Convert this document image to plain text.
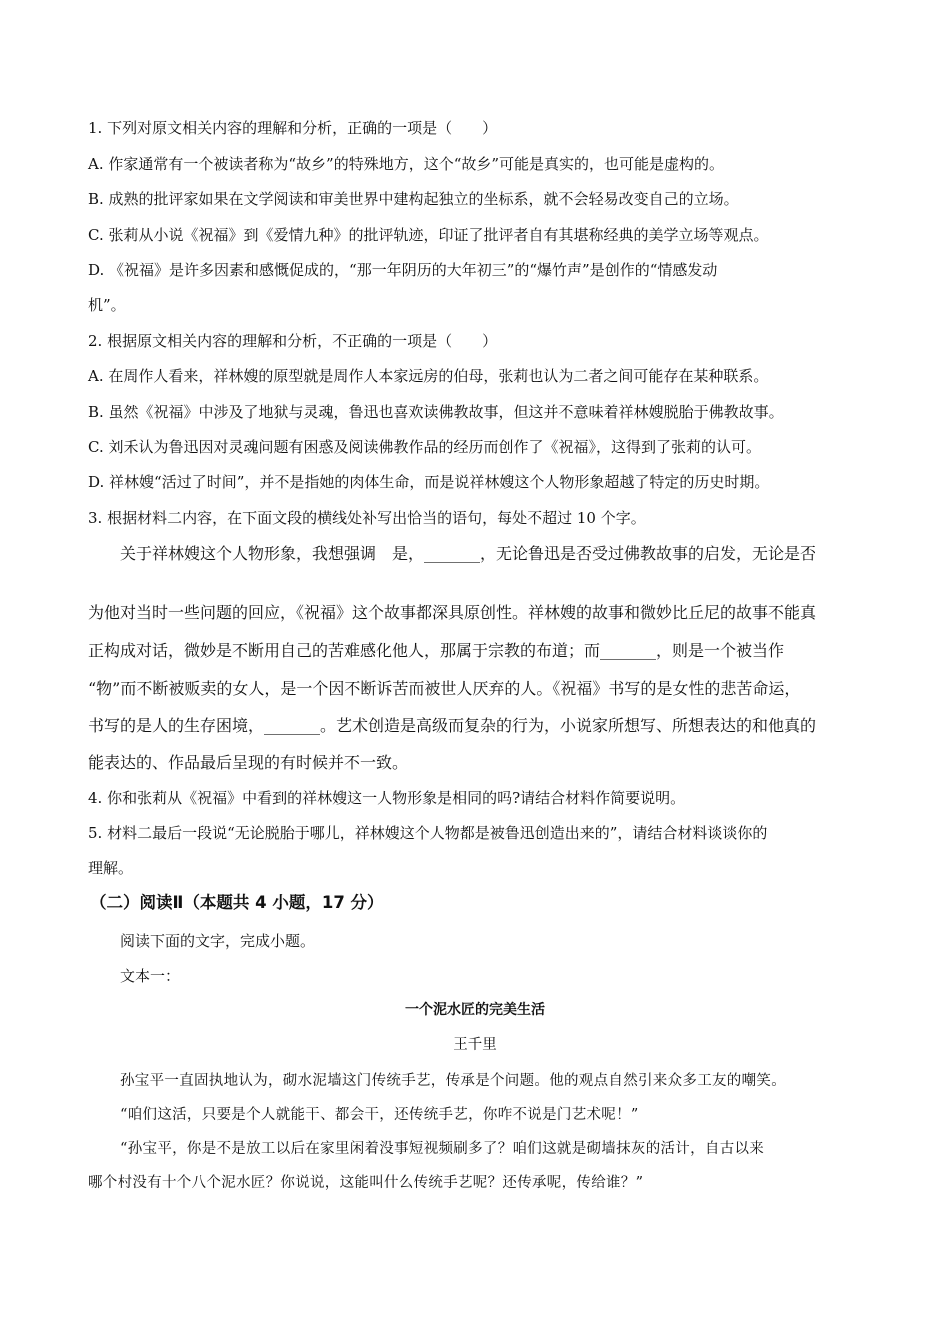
1. 下列对原文相关内容的理解和分析，正确的一项是（　　）
A. 作家通常有一个被读者称为“故乡”的特殊地方，这个“故乡”可能是真实的，也可能是虚构的。
B. 成熟的批评家如果在文学阅读和审美世界中建构起独立的坐标系，就不会轻易改变自己的立场。
C. 张莉从小说《祝福》到《爱情九种》的批评轨迹，印证了批评者自有其堪称经典的美学立场等观点。
D. 《祝福》是许多因素和感慨促成的，“那一年阴历的大年初三”的“爆竹声”是创作的“情感发动
机”。
2. 根据原文相关内容的理解和分析，不正确的一项是（　　）
A. 在周作人看来，祥林嫂的原型就是周作人本家远房的伯母，张莉也认为二者之间可能存在某种联系。
B. 虽然《祝福》中涉及了地狱与灵魂，鲁迅也喜欢读佛教故事，但这并不意味着祥林嫂脱胎于佛教故事。
C. 刘禾认为鲁迅因对灵魂问题有困惑及阅读佛教作品的经历而创作了《祝福》，这得到了张莉的认可。
D. 祥林嫂“活过了时间”，并不是指她的肉体生命，而是说祥林嫂这个人物形象超越了特定的历史时期。
3. 根据材料二内容，在下面文段的横线处补写出恰当的语句，每处不超过 10 个字。
关于祥林嫂这个人物形象，我想强调　是，_______，无论鲁迅是否受过佛教故事的启发，无论是否
为他对当时一些问题的回应，《祝福》这个故事都深具原创性。祥林嫂的故事和微妙比丘尼的故事不能真
正构成对话，微妙是不断用自己的苦难感化他人，那属于宗教的布道；而_______，则是一个被当作
“物”而不断被贩卖的女人，是一个因不断诉苦而被世人厌弃的人。《祝福》书写的是女性的悲苦命运，
书写的是人的生存困境，_______。艺术创造是高级而复杂的行为，小说家所想写、所想表达的和他真的
能表达的、作品最后呈现的有时候并不一致。
4. 你和张莉从《祝福》中看到的祥林嫂这一人物形象是相同的吗?请结合材料作简要说明。
5. 材料二最后一段说“无论脱胎于哪儿，祥林嫂这个人物都是被鲁迅创造出来的”，请结合材料谈谈你的
理解。
（二）阅读Ⅱ（本题共 4 小题，17 分）
阅读下面的文字，完成小题。
文本一：
一个泥水匠的完美生活
王千里
孙宝平一直固执地认为，砌水泥墙这门传统手艺，传承是个问题。他的观点自然引来众多工友的嘲笑。
“咱们这活，只要是个人就能干、都会干，还传统手艺，你咋不说是门艺术呢！”
“孙宝平，你是不是放工以后在家里闲着没事短视频刷多了？咱们这就是砌墙抹灰的活计，自古以来
哪个村没有十个八个泥水匠？你说说，这能叫什么传统手艺呢？还传承呢，传给谁？”
